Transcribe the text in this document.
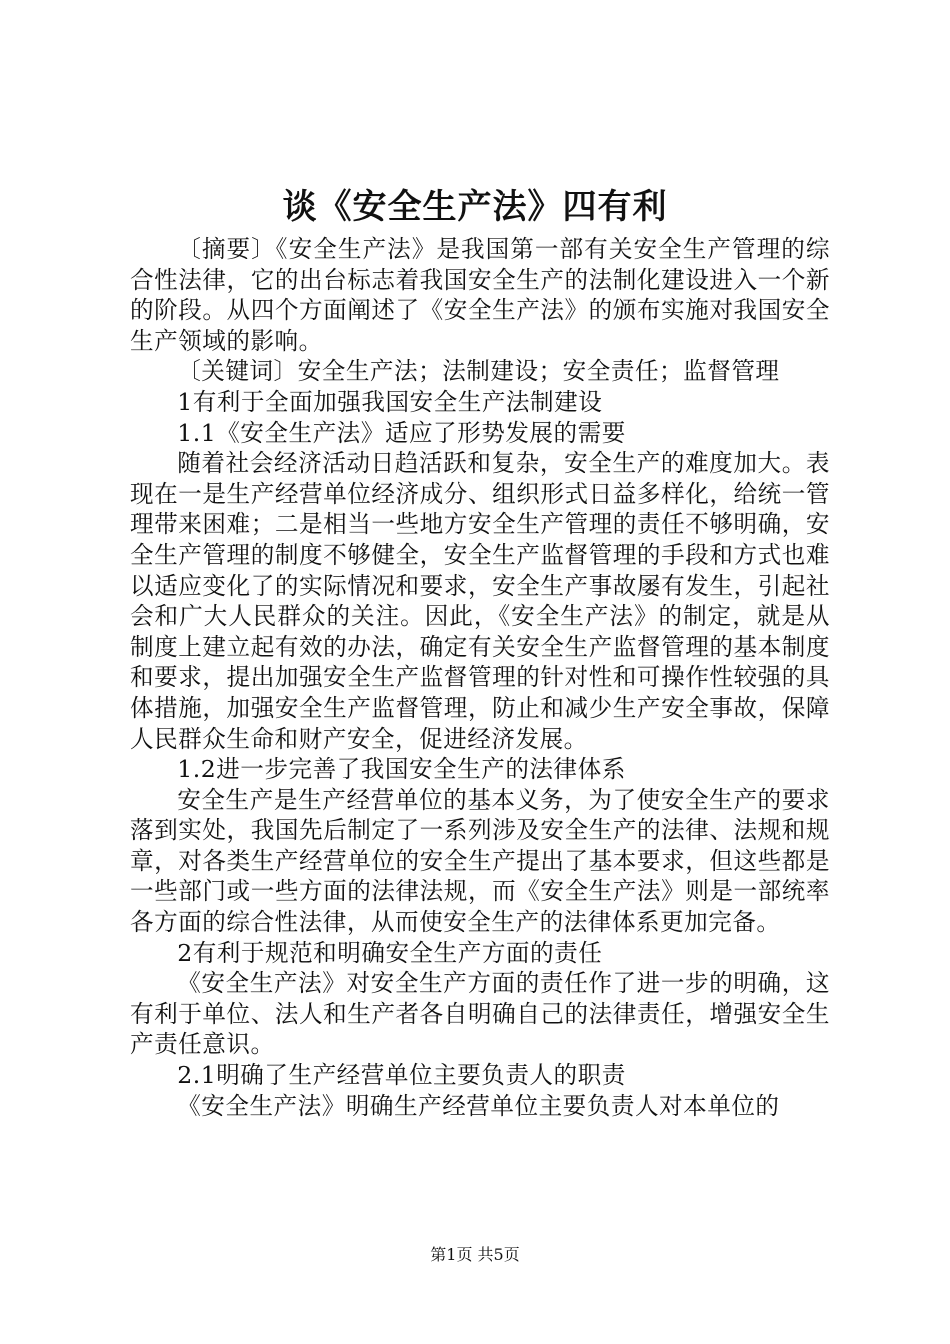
谈《安全生产法》四有利

〔摘要〕《安全生产法》是我国第一部有关安全生产管理的综合性法律，它的出台标志着我国安全生产的法制化建设进入一个新的阶段。从四个方面阐述了《安全生产法》的颁布实施对我国安全生产领域的影响。

〔关键词〕安全生产法；法制建设；安全责任；监督管理

1有利于全面加强我国安全生产法制建设

1.1《安全生产法》适应了形势发展的需要

随着社会经济活动日趋活跃和复杂，安全生产的难度加大。表现在一是生产经营单位经济成分、组织形式日益多样化，给统一管理带来困难；二是相当一些地方安全生产管理的责任不够明确，安全生产管理的制度不够健全，安全生产监督管理的手段和方式也难以适应变化了的实际情况和要求，安全生产事故屡有发生，引起社会和广大人民群众的关注。因此，《安全生产法》的制定，就是从制度上建立起有效的办法，确定有关安全生产监督管理的基本制度和要求，提出加强安全生产监督管理的针对性和可操作性较强的具体措施，加强安全生产监督管理，防止和减少生产安全事故，保障人民群众生命和财产安全，促进经济发展。

1.2进一步完善了我国安全生产的法律体系

安全生产是生产经营单位的基本义务，为了使安全生产的要求落到实处，我国先后制定了一系列涉及安全生产的法律、法规和规章，对各类生产经营单位的安全生产提出了基本要求，但这些都是一些部门或一些方面的法律法规，而《安全生产法》则是一部统率各方面的综合性法律，从而使安全生产的法律体系更加完备。

2有利于规范和明确安全生产方面的责任

《安全生产法》对安全生产方面的责任作了进一步的明确，这有利于单位、法人和生产者各自明确自己的法律责任，增强安全生产责任意识。

2.1明确了生产经营单位主要负责人的职责

《安全生产法》明确生产经营单位主要负责人对本单位的

第1页 共5页
